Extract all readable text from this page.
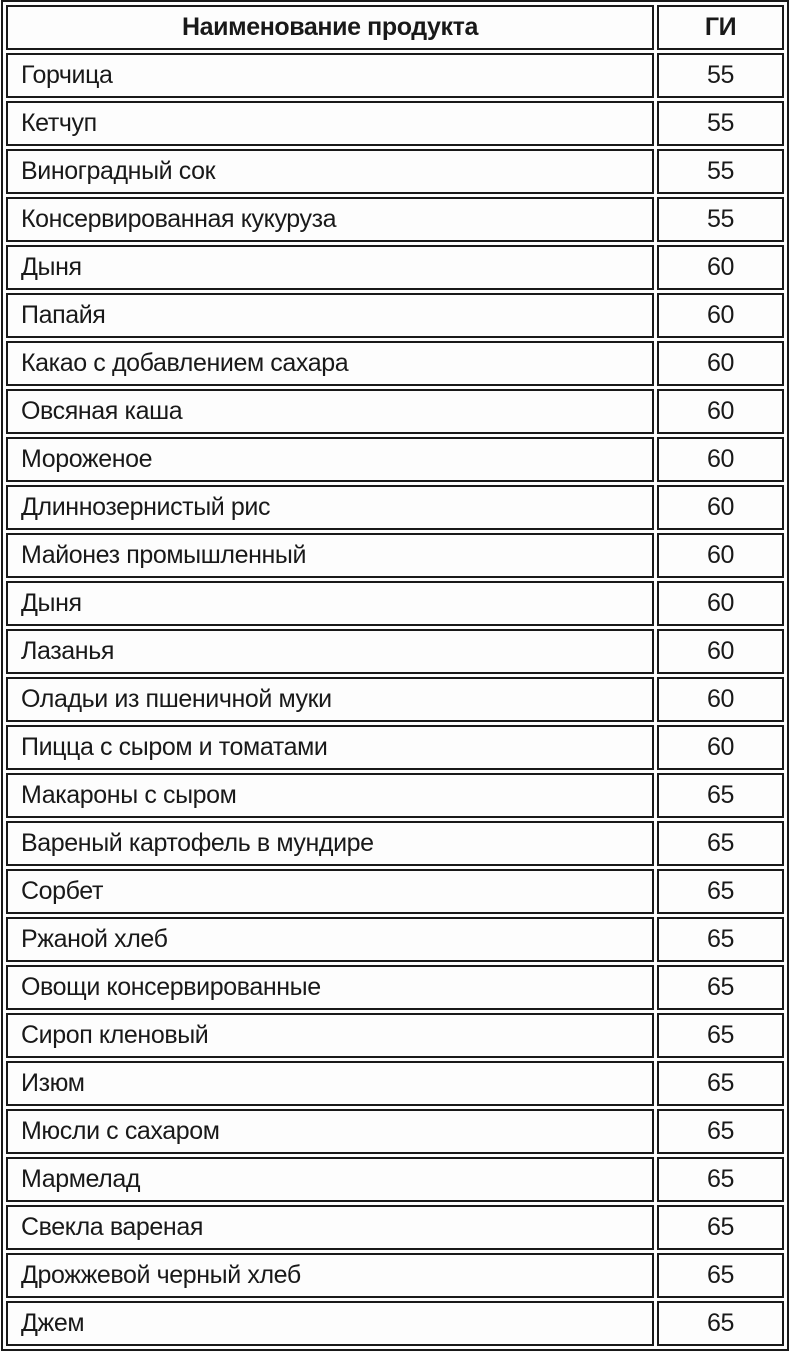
Наименование продукта	ГИ
Горчица	55
Кетчуп	55
Виноградный сок	55
Консервированная кукуруза	55
Дыня	60
Папайя	60
Какао с добавлением сахара	60
Овсяная каша	60
Мороженое	60
Длиннозернистый рис	60
Майонез промышленный	60
Дыня	60
Лазанья	60
Оладьи из пшеничной муки	60
Пицца с сыром и томатами	60
Макароны с сыром	65
Вареный картофель в мундире	65
Сорбет	65
Ржаной хлеб	65
Овощи консервированные	65
Сироп кленовый	65
Изюм	65
Мюсли с сахаром	65
Мармелад	65
Свекла вареная	65
Дрожжевой черный хлеб	65
Джем	65
